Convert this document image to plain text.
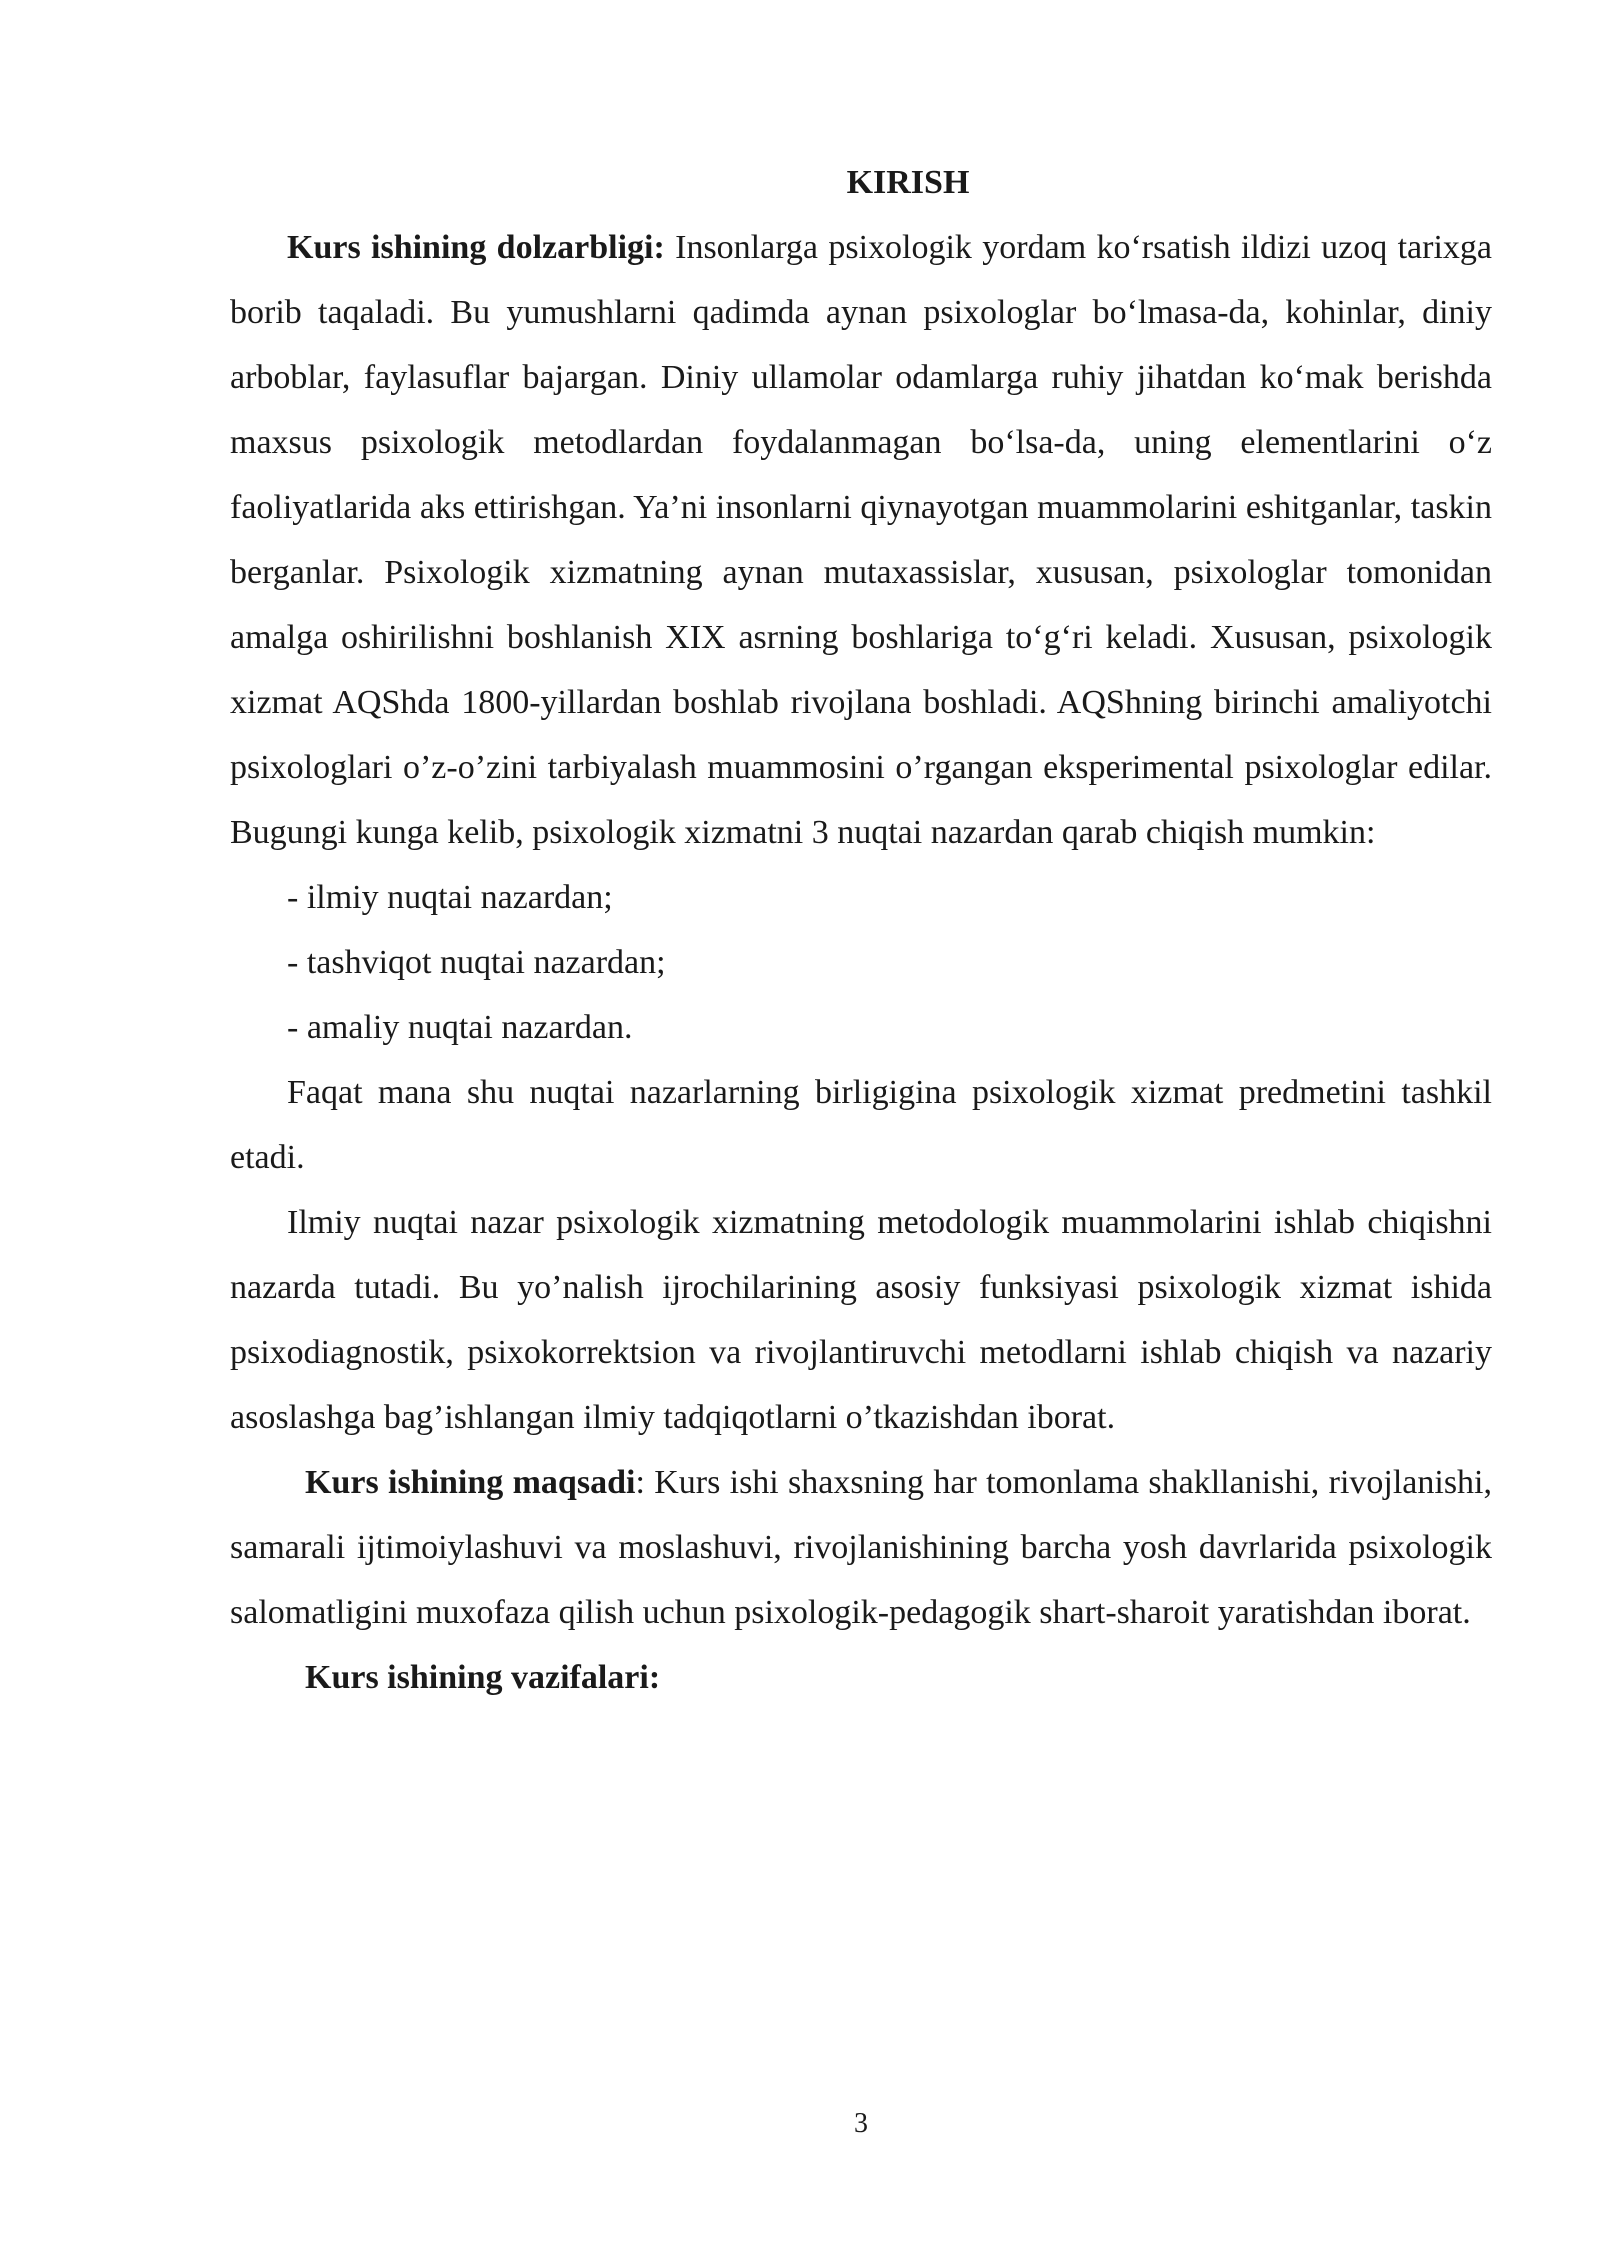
KIRISH

Kurs ishining dolzarbligi: Insonlarga psixologik yordam ko‘rsatish ildizi uzoq tarixga borib taqaladi. Bu yumushlarni qadimda aynan psixologlar bo‘lmasa-da, kohinlar, diniy arboblar, faylasuflar bajargan. Diniy ullamolar odamlarga ruhiy jihatdan ko‘mak berishda maxsus psixologik metodlardan foydalanmagan bo‘lsa-da, uning elementlarini o‘z faoliyatlarida aks ettirishgan. Ya’ni insonlarni qiynayotgan muammolarini eshitganlar, taskin berganlar. Psixologik xizmatning aynan mutaxassislar, xususan, psixologlar tomonidan amalga oshirilishni boshlanish XIX asrning boshlariga to‘g‘ri keladi. Xususan, psixologik xizmat AQShda 1800-yillardan boshlab rivojlana boshladi. AQShning birinchi amaliyotchi psixologlari o’z-o’zini tarbiyalash muammosini o’rgangan eksperimental psixologlar edilar. Bugungi kunga kelib, psixologik xizmatni 3 nuqtai nazardan qarab chiqish mumkin:

- ilmiy nuqtai nazardan;
- tashviqot nuqtai nazardan;
- amaliy nuqtai nazardan.

Faqat mana shu nuqtai nazarlarning birligigina psixologik xizmat predmetini tashkil etadi.

Ilmiy nuqtai nazar psixologik xizmatning metodologik muammolarini ishlab chiqishni nazarda tutadi. Bu yo’nalish ijrochilarining asosiy funksiyasi psixologik xizmat ishida psixodiagnostik, psixokorrektsion va rivojlantiruvchi metodlarni ishlab chiqish va nazariy asoslashga bag’ishlangan ilmiy tadqiqotlarni o’tkazishdan iborat.

Kurs ishining maqsadi: Kurs ishi shaxsning har tomonlama shakllanishi, rivojlanishi, samarali ijtimoiylashuvi va moslashuvi, rivojlanishining barcha yosh davrlarida psixologik salomatligini muxofaza qilish uchun psixologik-pedagogik shart-sharoit yaratishdan iborat.

Kurs ishining vazifalari:

3
